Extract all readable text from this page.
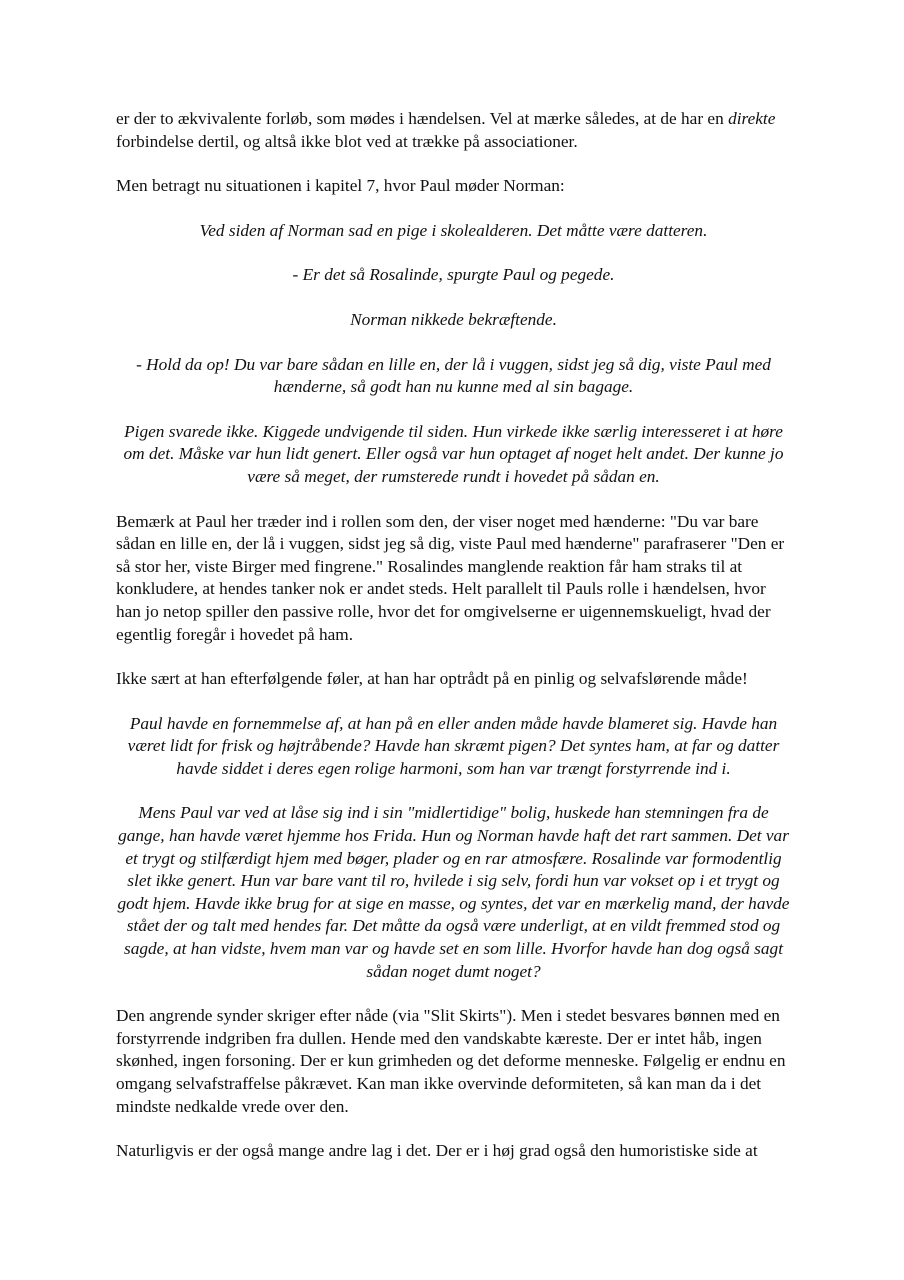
er der to ækvivalente forløb, som mødes i hændelsen. Vel at mærke således, at de har en direkte forbindelse dertil, og altså ikke blot ved at trække på associationer.

Men betragt nu situationen i kapitel 7, hvor Paul møder Norman:

Ved siden af Norman sad en pige i skolealderen. Det måtte være datteren.

- Er det så Rosalinde, spurgte Paul og pegede.

Norman nikkede bekræftende.

- Hold da op! Du var bare sådan en lille en, der lå i vuggen, sidst jeg så dig, viste Paul med hænderne, så godt han nu kunne med al sin bagage.

Pigen svarede ikke. Kiggede undvigende til siden. Hun virkede ikke særlig interesseret i at høre om det. Måske var hun lidt genert. Eller også var hun optaget af noget helt andet. Der kunne jo være så meget, der rumsterede rundt i hovedet på sådan en.

Bemærk at Paul her træder ind i rollen som den, der viser noget med hænderne: "Du var bare sådan en lille en, der lå i vuggen, sidst jeg så dig, viste Paul med hænderne" parafraserer "Den er så stor her, viste Birger med fingrene." Rosalindes manglende reaktion får ham straks til at konkludere, at hendes tanker nok er andet steds. Helt parallelt til Pauls rolle i hændelsen, hvor han jo netop spiller den passive rolle, hvor det for omgivelserne er uigennemskueligt, hvad der egentlig foregår i hovedet på ham.

Ikke sært at han efterfølgende føler, at han har optrådt på en pinlig og selvafslørende måde!

Paul havde en fornemmelse af, at han på en eller anden måde havde blameret sig. Havde han været lidt for frisk og højtråbende? Havde han skræmt pigen? Det syntes ham, at far og datter havde siddet i deres egen rolige harmoni, som han var trængt forstyrrende ind i.

Mens Paul var ved at låse sig ind i sin "midlertidige" bolig, huskede han stemningen fra de gange, han havde været hjemme hos Frida. Hun og Norman havde haft det rart sammen. Det var et trygt og stilfærdigt hjem med bøger, plader og en rar atmosfære. Rosalinde var formodentlig slet ikke genert. Hun var bare vant til ro, hvilede i sig selv, fordi hun var vokset op i et trygt og godt hjem. Havde ikke brug for at sige en masse, og syntes, det var en mærkelig mand, der havde stået der og talt med hendes far. Det måtte da også være underligt, at en vildt fremmed stod og sagde, at han vidste, hvem man var og havde set en som lille. Hvorfor havde han dog også sagt sådan noget dumt noget?

Den angrende synder skriger efter nåde (via "Slit Skirts"). Men i stedet besvares bønnen med en forstyrrende indgriben fra dullen. Hende med den vandskabte kæreste. Der er intet håb, ingen skønhed, ingen forsoning. Der er kun grimheden og det deforme menneske. Følgelig er endnu en omgang selvafstraffelse påkrævet. Kan man ikke overvinde deformiteten, så kan man da i det mindste nedkalde vrede over den.

Naturligvis er der også mange andre lag i det. Der er i høj grad også den humoristiske side at
